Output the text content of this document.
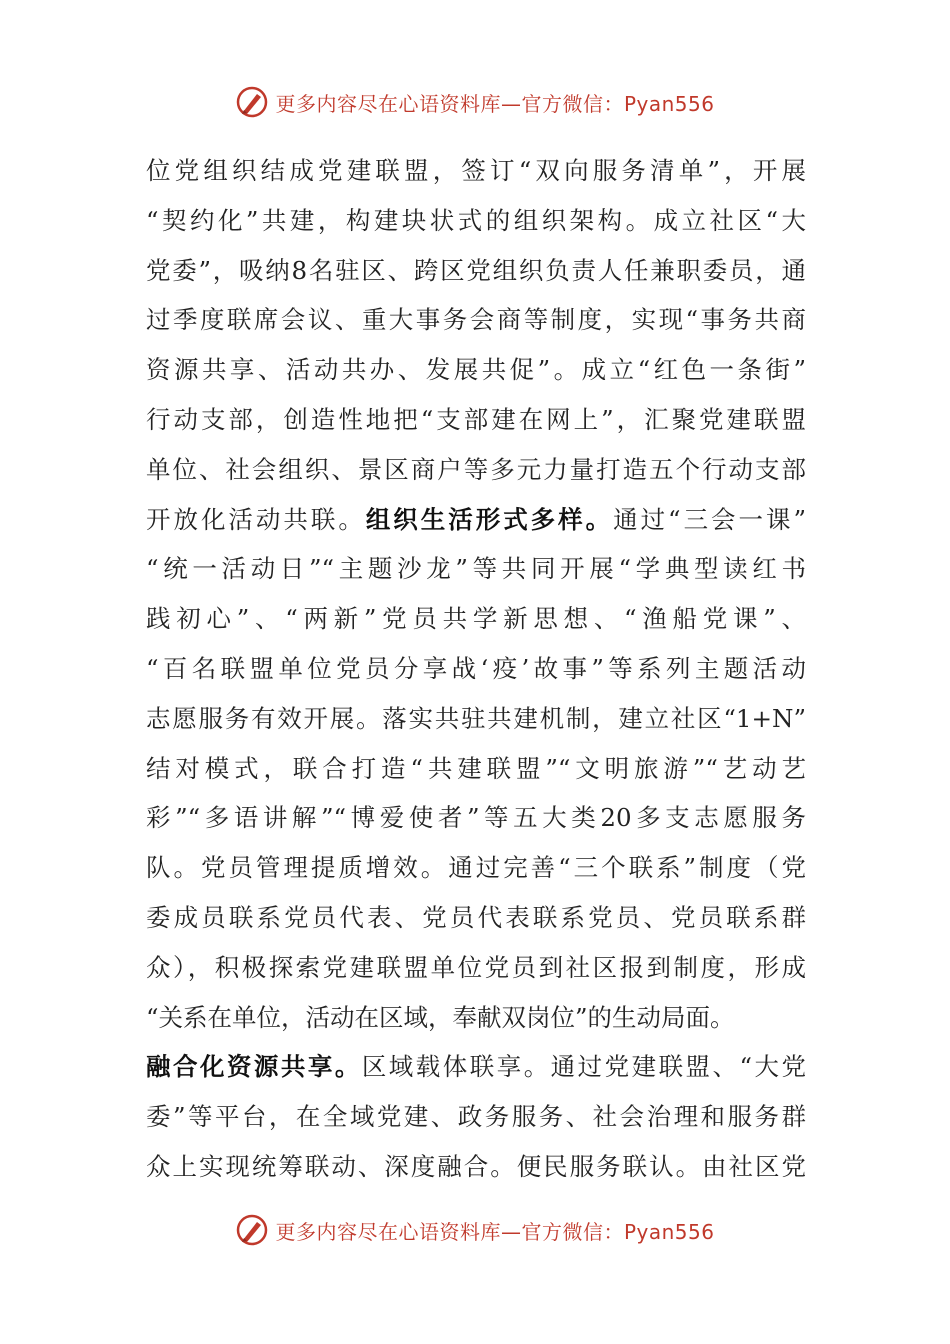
更多内容尽在心语资料库—官方微信：Pyan556
位党组织结成党建联盟，签订“双向服务清单”，开展
“契约化”共建，构建块状式的组织架构。成立社区“大
党委”，吸纳8名驻区、跨区党组织负责人任兼职委员，通
过季度联席会议、重大事务会商等制度，实现“事务共商
资源共享、活动共办、发展共促”。成立“红色一条街”
行动支部，创造性地把“支部建在网上”，汇聚党建联盟
单位、社会组织、景区商户等多元力量打造五个行动支部
开放化活动共联。组织生活形式多样。通过“三会一课”
“统一活动日”“主题沙龙”等共同开展“学典型读红书
践初心”、“两新”党员共学新思想、“渔船党课”、
“百名联盟单位党员分享战‘疫’故事”等系列主题活动
志愿服务有效开展。落实共驻共建机制，建立社区“1+N”
结对模式，联合打造“共建联盟”“文明旅游”“艺动艺
彩”“多语讲解”“博爱使者”等五大类20多支志愿服务
队。党员管理提质增效。通过完善“三个联系”制度（党
委成员联系党员代表、党员代表联系党员、党员联系群
众），积极探索党建联盟单位党员到社区报到制度，形成
“关系在单位，活动在区域，奉献双岗位”的生动局面。
融合化资源共享。区域载体联享。通过党建联盟、“大党
委”等平台，在全域党建、政务服务、社会治理和服务群
众上实现统筹联动、深度融合。便民服务联认。由社区党
更多内容尽在心语资料库—官方微信：Pyan556
